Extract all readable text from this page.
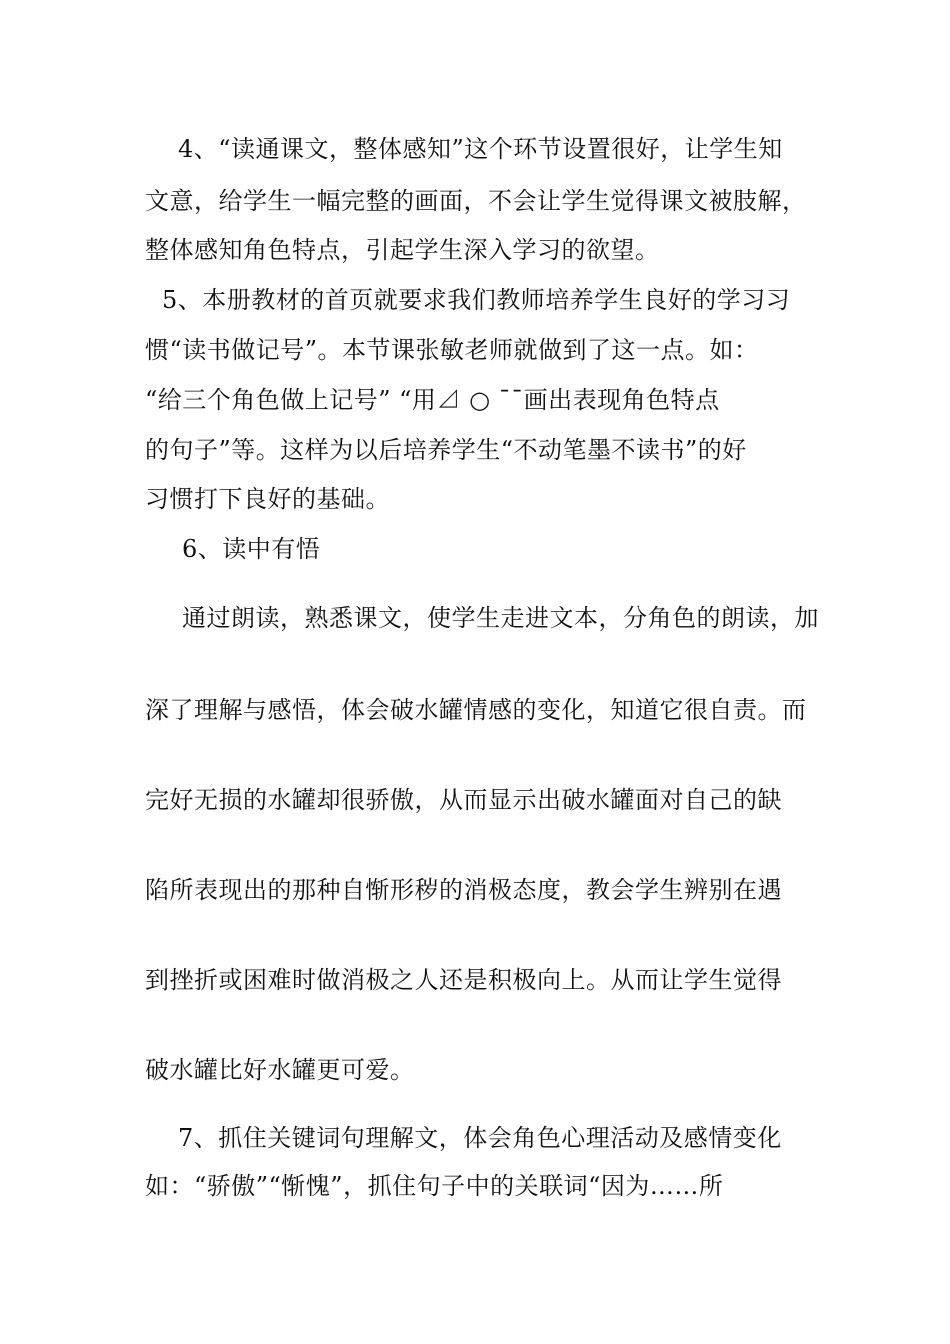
4、“读通课文，整体感知”这个环节设置很好，让学生知
文意，给学生一幅完整的画面，不会让学生觉得课文被肢解，
整体感知角色特点，引起学生深入学习的欲望。
5、本册教材的首页就要求我们教师培养学生良好的学习习
惯“读书做记号”。本节课张敏老师就做到了这一点。如：
“给三个角色做上记号” “用⊿ ○ ˉˉ画出表现角色特点
的句子”等。这样为以后培养学生“不动笔墨不读书”的好
习惯打下良好的基础。
6、读中有悟
通过朗读，熟悉课文，使学生走进文本，分角色的朗读，加
深了理解与感悟，体会破水罐情感的变化，知道它很自责。而
完好无损的水罐却很骄傲，从而显示出破水罐面对自己的缺
陷所表现出的那种自惭形秽的消极态度，教会学生辨别在遇
到挫折或困难时做消极之人还是积极向上。从而让学生觉得
破水罐比好水罐更可爱。
7、抓住关键词句理解文，体会角色心理活动及感情变化
如：“骄傲”“惭愧”，抓住句子中的关联词“因为……所
